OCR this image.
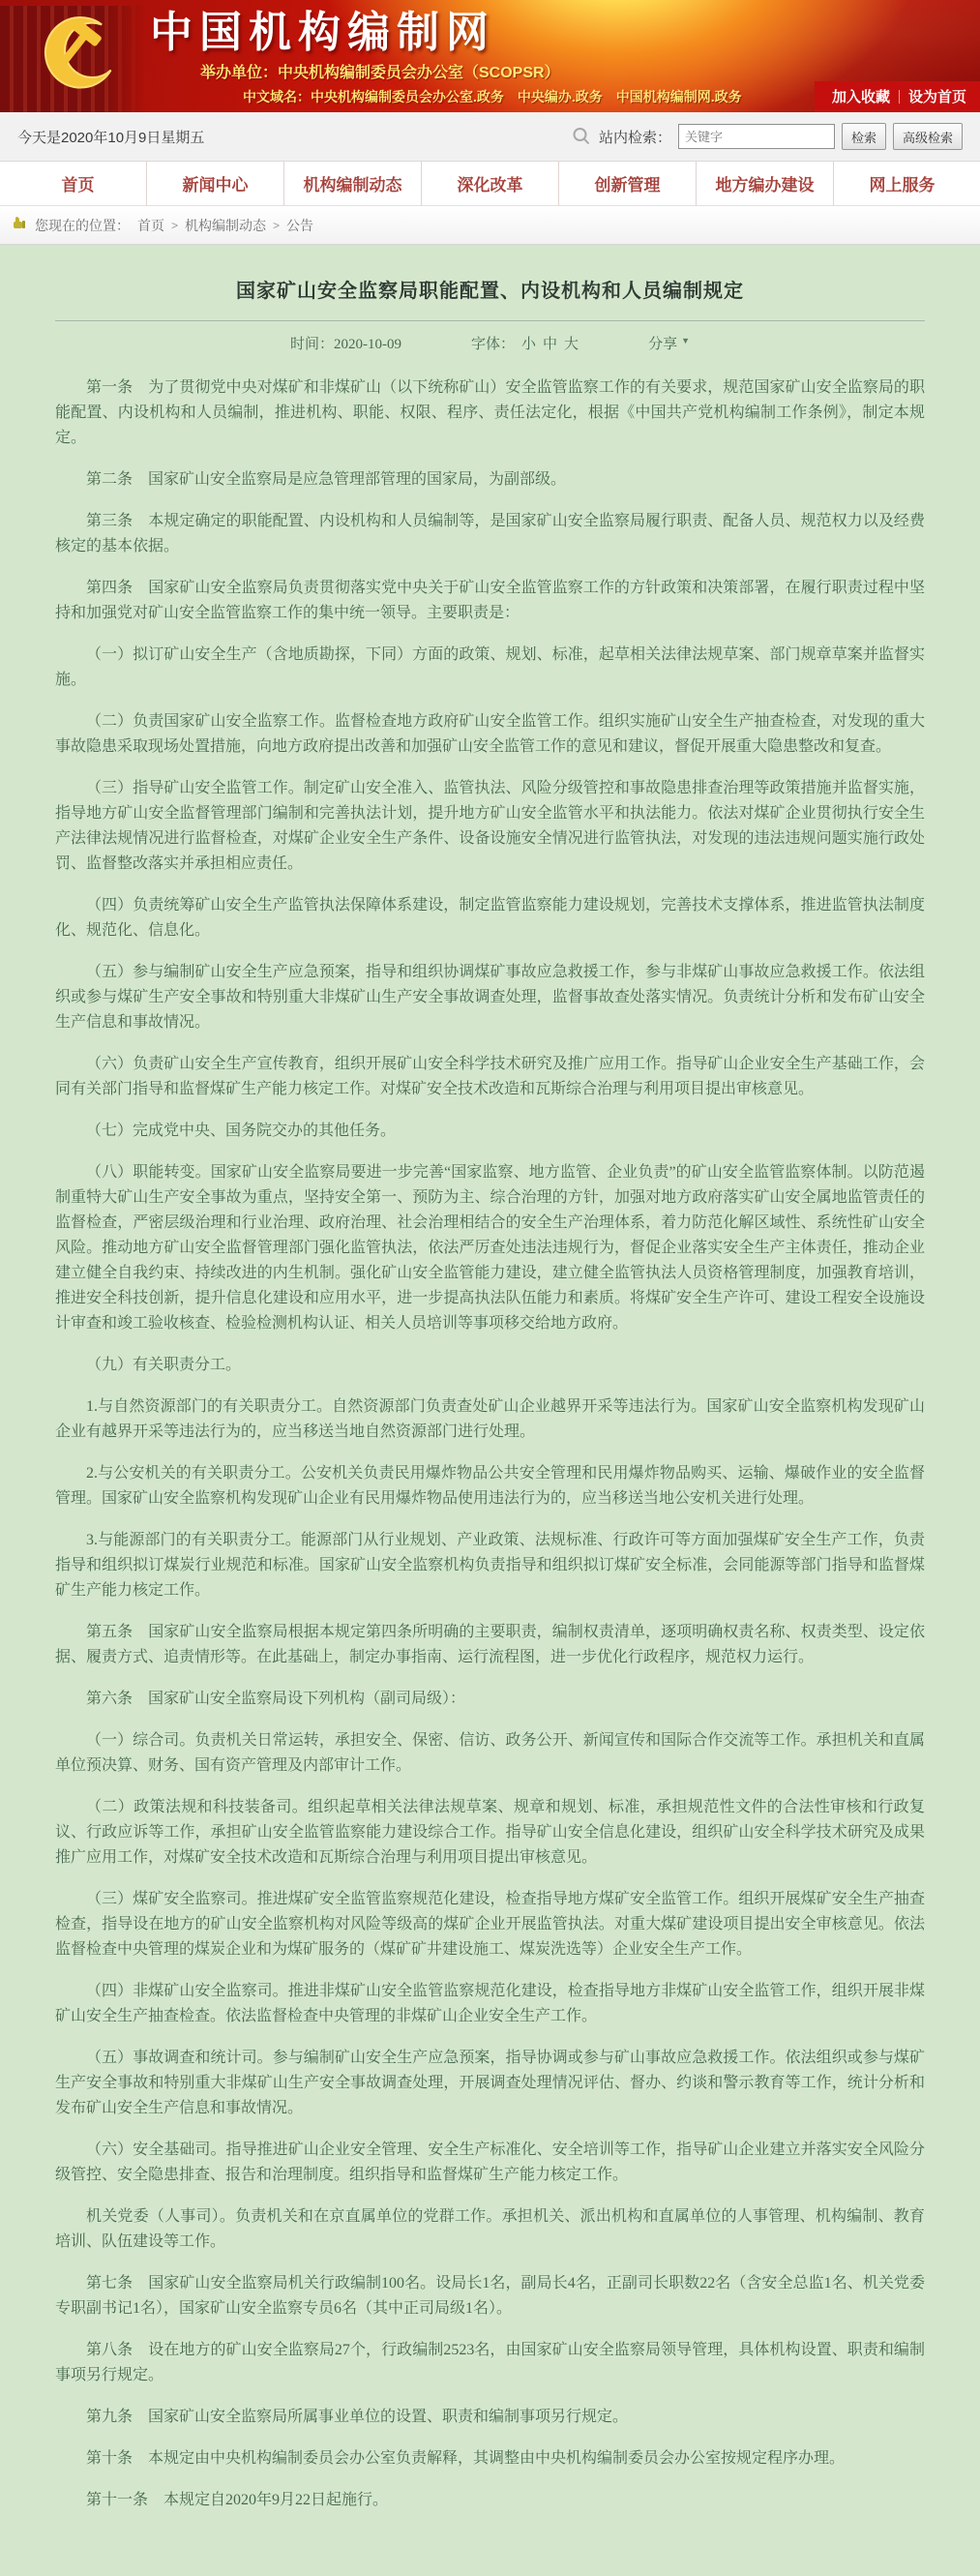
中国机构编制网
举办单位：中央机构编制委员会办公室（SCOPSR）
中文域名：中央机构编制委员会办公室.政务　中央编办.政务　中国机构编制网.政务	加入收藏 设为首页
今天是2020年10月9日星期五	站内检索：
关键字	检索	高级检索
首页	新闻中心	机构编制动态	深化改革	创新管理	地方编办建设	网上服务
您现在的位置： 首页 > 机构编制动态 > 公告
国家矿山安全监察局职能配置、内设机构和人员编制规定
时间：2020-10-09	字体： 小 中 大	分享 ▼

第一条　为了贯彻党中央对煤矿和非煤矿山（以下统称矿山）安全监管监察工作的有关要求，规范国家矿山安全监察局的职能配置、内设机构和人员编制，推进机构、职能、权限、程序、责任法定化，根据《中国共产党机构编制工作条例》，制定本规定。

第二条　国家矿山安全监察局是应急管理部管理的国家局，为副部级。

第三条　本规定确定的职能配置、内设机构和人员编制等，是国家矿山安全监察局履行职责、配备人员、规范权力以及经费核定的基本依据。

第四条　国家矿山安全监察局负责贯彻落实党中央关于矿山安全监管监察工作的方针政策和决策部署，在履行职责过程中坚持和加强党对矿山安全监管监察工作的集中统一领导。主要职责是：

（一）拟订矿山安全生产（含地质勘探，下同）方面的政策、规划、标准，起草相关法律法规草案、部门规章草案并监督实施。

（二）负责国家矿山安全监察工作。监督检查地方政府矿山安全监管工作。组织实施矿山安全生产抽查检查，对发现的重大事故隐患采取现场处置措施，向地方政府提出改善和加强矿山安全监管工作的意见和建议，督促开展重大隐患整改和复查。

（三）指导矿山安全监管工作。制定矿山安全准入、监管执法、风险分级管控和事故隐患排查治理等政策措施并监督实施，指导地方矿山安全监督管理部门编制和完善执法计划，提升地方矿山安全监管水平和执法能力。依法对煤矿企业贯彻执行安全生产法律法规情况进行监督检查，对煤矿企业安全生产条件、设备设施安全情况进行监管执法，对发现的违法违规问题实施行政处罚、监督整改落实并承担相应责任。

（四）负责统筹矿山安全生产监管执法保障体系建设，制定监管监察能力建设规划，完善技术支撑体系，推进监管执法制度化、规范化、信息化。

（五）参与编制矿山安全生产应急预案，指导和组织协调煤矿事故应急救援工作，参与非煤矿山事故应急救援工作。依法组织或参与煤矿生产安全事故和特别重大非煤矿山生产安全事故调查处理，监督事故查处落实情况。负责统计分析和发布矿山安全生产信息和事故情况。

（六）负责矿山安全生产宣传教育，组织开展矿山安全科学技术研究及推广应用工作。指导矿山企业安全生产基础工作，会同有关部门指导和监督煤矿生产能力核定工作。对煤矿安全技术改造和瓦斯综合治理与利用项目提出审核意见。

（七）完成党中央、国务院交办的其他任务。

（八）职能转变。国家矿山安全监察局要进一步完善“国家监察、地方监管、企业负责”的矿山安全监管监察体制。以防范遏制重特大矿山生产安全事故为重点，坚持安全第一、预防为主、综合治理的方针，加强对地方政府落实矿山安全属地监管责任的监督检查，严密层级治理和行业治理、政府治理、社会治理相结合的安全生产治理体系，着力防范化解区域性、系统性矿山安全风险。推动地方矿山安全监督管理部门强化监管执法，依法严厉查处违法违规行为，督促企业落实安全生产主体责任，推动企业建立健全自我约束、持续改进的内生机制。强化矿山安全监管能力建设，建立健全监管执法人员资格管理制度，加强教育培训，推进安全科技创新，提升信息化建设和应用水平，进一步提高执法队伍能力和素质。将煤矿安全生产许可、建设工程安全设施设计审查和竣工验收核查、检验检测机构认证、相关人员培训等事项移交给地方政府。

（九）有关职责分工。

1.与自然资源部门的有关职责分工。自然资源部门负责查处矿山企业越界开采等违法行为。国家矿山安全监察机构发现矿山企业有越界开采等违法行为的，应当移送当地自然资源部门进行处理。

2.与公安机关的有关职责分工。公安机关负责民用爆炸物品公共安全管理和民用爆炸物品购买、运输、爆破作业的安全监督管理。国家矿山安全监察机构发现矿山企业有民用爆炸物品使用违法行为的，应当移送当地公安机关进行处理。

3.与能源部门的有关职责分工。能源部门从行业规划、产业政策、法规标准、行政许可等方面加强煤矿安全生产工作，负责指导和组织拟订煤炭行业规范和标准。国家矿山安全监察机构负责指导和组织拟订煤矿安全标准，会同能源等部门指导和监督煤矿生产能力核定工作。

第五条　国家矿山安全监察局根据本规定第四条所明确的主要职责，编制权责清单，逐项明确权责名称、权责类型、设定依据、履责方式、追责情形等。在此基础上，制定办事指南、运行流程图，进一步优化行政程序，规范权力运行。

第六条　国家矿山安全监察局设下列机构（副司局级）：

（一）综合司。负责机关日常运转，承担安全、保密、信访、政务公开、新闻宣传和国际合作交流等工作。承担机关和直属单位预决算、财务、国有资产管理及内部审计工作。

（二）政策法规和科技装备司。组织起草相关法律法规草案、规章和规划、标准，承担规范性文件的合法性审核和行政复议、行政应诉等工作，承担矿山安全监管监察能力建设综合工作。指导矿山安全信息化建设，组织矿山安全科学技术研究及成果推广应用工作，对煤矿安全技术改造和瓦斯综合治理与利用项目提出审核意见。

（三）煤矿安全监察司。推进煤矿安全监管监察规范化建设，检查指导地方煤矿安全监管工作。组织开展煤矿安全生产抽查检查，指导设在地方的矿山安全监察机构对风险等级高的煤矿企业开展监管执法。对重大煤矿建设项目提出安全审核意见。依法监督检查中央管理的煤炭企业和为煤矿服务的（煤矿矿井建设施工、煤炭洗选等）企业安全生产工作。

（四）非煤矿山安全监察司。推进非煤矿山安全监管监察规范化建设，检查指导地方非煤矿山安全监管工作，组织开展非煤矿山安全生产抽查检查。依法监督检查中央管理的非煤矿山企业安全生产工作。

（五）事故调查和统计司。参与编制矿山安全生产应急预案，指导协调或参与矿山事故应急救援工作。依法组织或参与煤矿生产安全事故和特别重大非煤矿山生产安全事故调查处理，开展调查处理情况评估、督办、约谈和警示教育等工作，统计分析和发布矿山安全生产信息和事故情况。

（六）安全基础司。指导推进矿山企业安全管理、安全生产标准化、安全培训等工作，指导矿山企业建立并落实安全风险分级管控、安全隐患排查、报告和治理制度。组织指导和监督煤矿生产能力核定工作。

机关党委（人事司）。负责机关和在京直属单位的党群工作。承担机关、派出机构和直属单位的人事管理、机构编制、教育培训、队伍建设等工作。

第七条　国家矿山安全监察局机关行政编制100名。设局长1名，副局长4名，正副司长职数22名（含安全总监1名、机关党委专职副书记1名），国家矿山安全监察专员6名（其中正司局级1名）。

第八条　设在地方的矿山安全监察局27个，行政编制2523名，由国家矿山安全监察局领导管理，具体机构设置、职责和编制事项另行规定。

第九条　国家矿山安全监察局所属事业单位的设置、职责和编制事项另行规定。

第十条　本规定由中央机构编制委员会办公室负责解释，其调整由中央机构编制委员会办公室按规定程序办理。

第十一条　本规定自2020年9月22日起施行。
